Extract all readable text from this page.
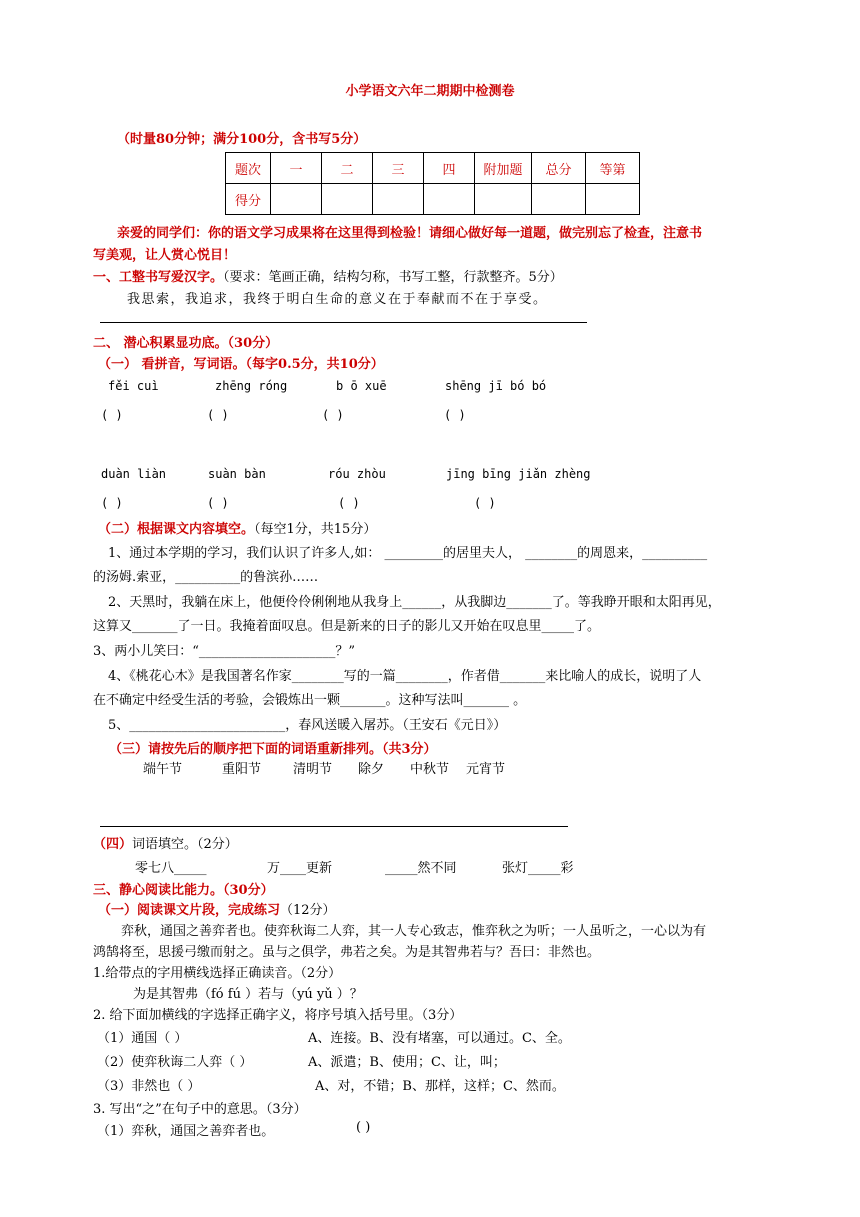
小学语文六年二期期中检测卷
（时量80分钟；满分100分，含书写5分）
题次	一	二	三	四	附加题	总分	等第
得分							
亲爱的同学们：你的语文学习成果将在这里得到检验！请细心做好每一道题，做完别忘了检查，注意书
写美观，让人赏心悦目！
一、工整书写爱汉字。（要求：笔画正确，结构匀称，书写工整，行款整齐。5分）
我思索，我追求，我终于明白生命的意义在于奉献而不在于享受。
二、 潜心积累显功底。（30分）
（一） 看拼音，写词语。（每字0.5分，共10分）
fěi cuì	zhēng róng	b ō xuē	shēng jī bó bó
( )	( )	( )	( )
duàn liàn	suàn bàn	róu zhòu	jīng bīng jiǎn zhèng
( )	( )	( )	( )
（二）根据课文内容填空。（每空1分，共15分）
1、通过本学期的学习，我们认识了许多人,如： _________的居里夫人， ________的周恩来，__________
的汤姆.索亚，__________的鲁滨孙……
2、天黑时，我躺在床上，他便伶伶俐俐地从我身上______，从我脚边_______了。等我睁开眼和太阳再见，
这算又_______了一日。我掩着面叹息。但是新来的日子的影儿又开始在叹息里_____了。
3、两小儿笑曰：“_____________________？”
4、《桃花心木》是我国著名作家________写的一篇________，作者借_______来比喻人的成长，说明了人
在不确定中经受生活的考验，会锻炼出一颗_______。这种写法叫_______ 。
5、________________________，春风送暖入屠苏。（王安石《元日》）
（三）请按先后的顺序把下面的词语重新排列。（共3分）
端午节	重阳节 清明节 除夕 中秋节 元宵节
（四）词语填空。（2分）
零七八_____	万____更新	_____然不同	张灯_____彩
三、静心阅读比能力。（30分）
（一）阅读课文片段，完成练习（12分）
弈秋，通国之善弈者也。使弈秋诲二人弈，其一人专心致志，惟弈秋之为听；一人虽听之，一心以为有
鸿鹄将至，思援弓缴而射之。虽与之俱学，弗若之矣。为是其智弗若与？吾曰：非然也。
1.给带点的字用横线选择正确读音。（2分）
为是其智弗（fó fú ）若与（yú yǔ ）？
2. 给下面加横线的字选择正确字义，将序号填入括号里。（3分）
（1）通国（ ）	A、连接。B、没有堵塞，可以通过。C、全。
（2）使弈秋诲二人弈（ ）	A、派遣；B、使用；C、让，叫；
（3）非然也（ ）	A、对，不错；B、那样，这样；C、然而。
3. 写出“之”在句子中的意思。（3分）
（1）弈秋，通国之善弈者也。	( )
